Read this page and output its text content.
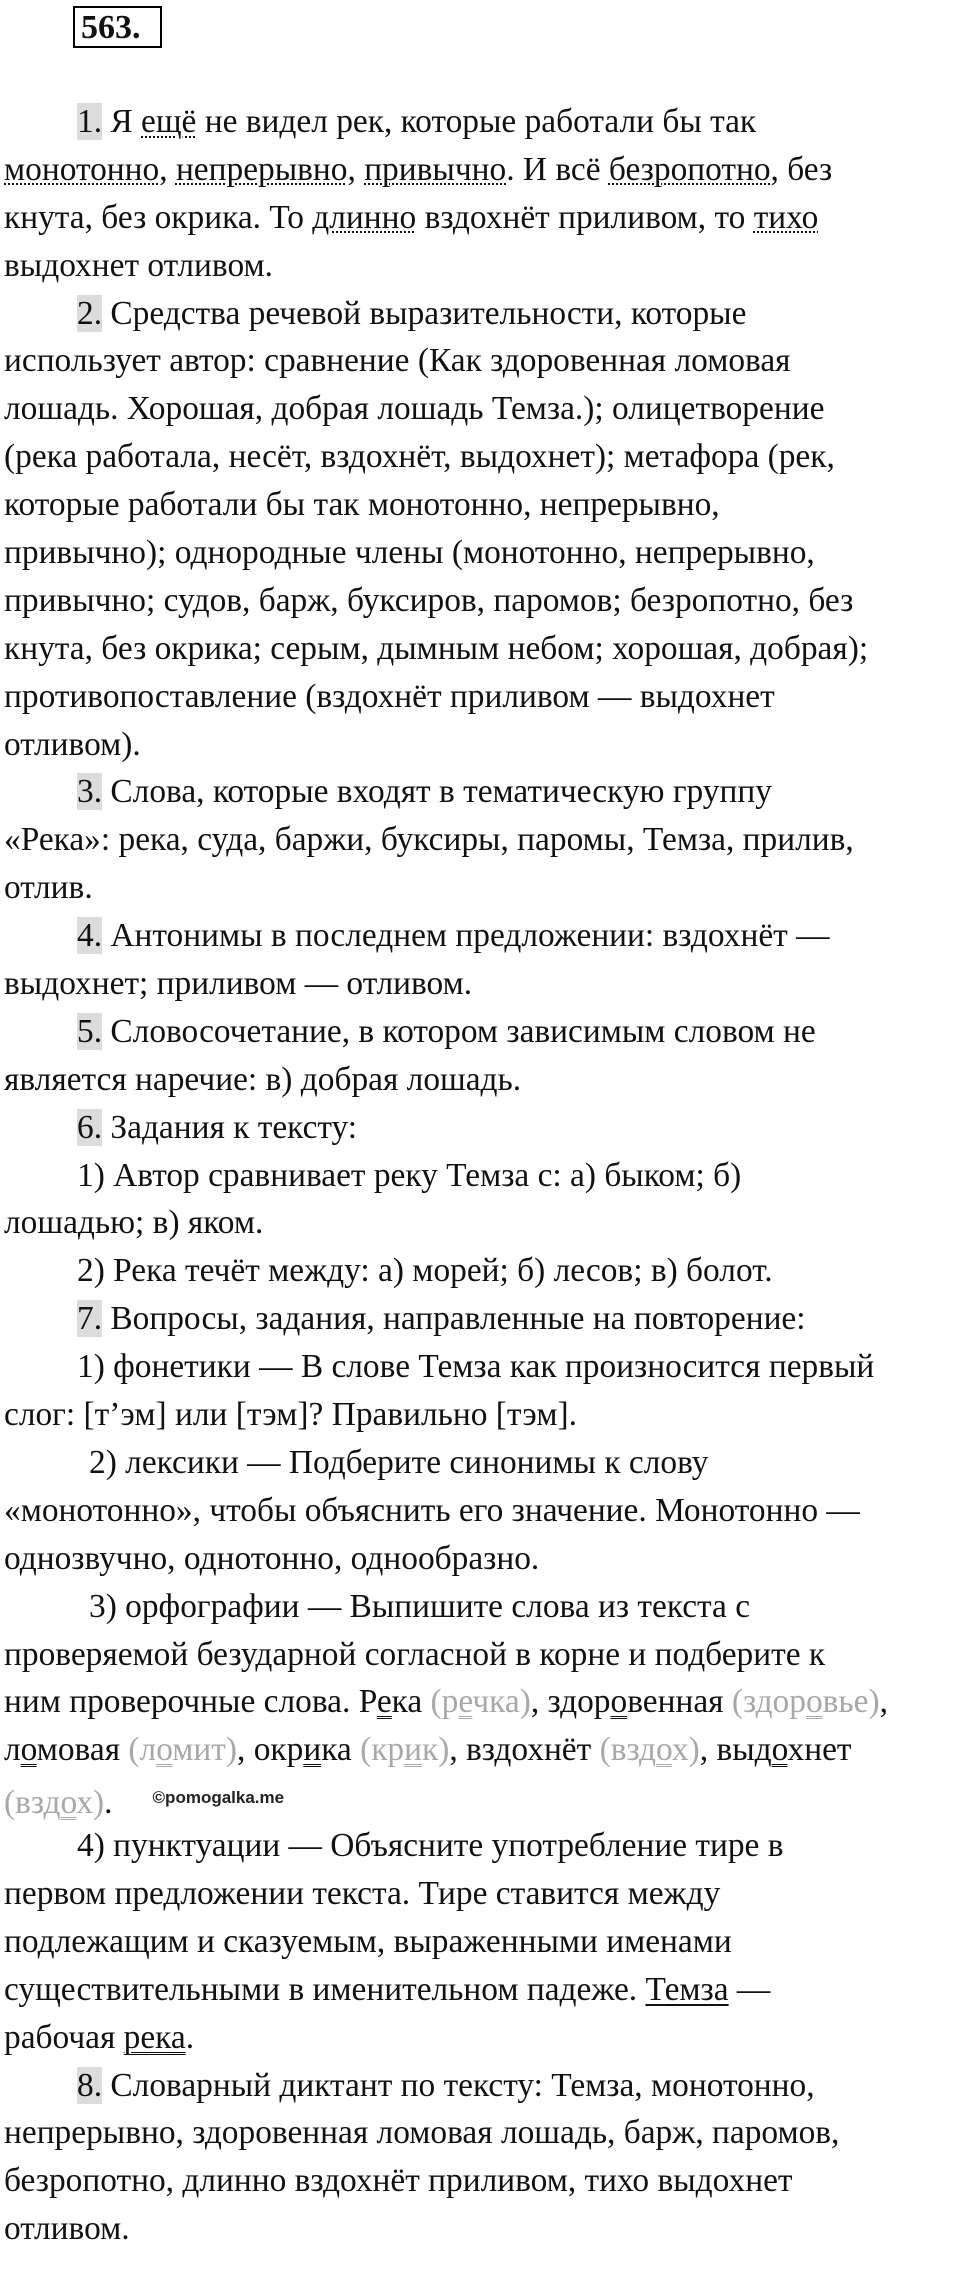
563.
1. Я ещё не видел рек, которые работали бы так
монотонно, непрерывно, привычно. И всё безропотно, без
кнута, без окрика. То длинно вздохнёт приливом, то тихо
выдохнет отливом.
2. Средства речевой выразительности, которые
использует автор: сравнение (Как здоровенная ломовая
лошадь. Хорошая, добрая лошадь Темза.); олицетворение
(река работала, несёт, вздохнёт, выдохнет); метафора (рек,
которые работали бы так монотонно, непрерывно,
привычно); однородные члены (монотонно, непрерывно,
привычно; судов, барж, буксиров, паромов; безропотно, без
кнута, без окрика; серым, дымным небом; хорошая, добрая);
противопоставление (вздохнёт приливом — выдохнет
отливом).
3. Слова, которые входят в тематическую группу
«Река»: река, суда, баржи, буксиры, паромы, Темза, прилив,
отлив.
4. Антонимы в последнем предложении: вздохнёт —
выдохнет; приливом — отливом.
5. Словосочетание, в котором зависимым словом не
является наречие: в) добрая лошадь.
6. Задания к тексту:
1) Автор сравнивает реку Темза с: а) быком; б)
лошадью; в) яком.
2) Река течёт между: а) морей; б) лесов; в) болот.
7. Вопросы, задания, направленные на повторение:
1) фонетики — В слове Темза как произносится первый
слог: [т’эм] или [тэм]? Правильно [тэм].
2) лексики — Подберите синонимы к слову
«монотонно», чтобы объяснить его значение. Монотонно —
однозвучно, однотонно, однообразно.
3) орфографии — Выпишите слова из текста с
проверяемой безударной согласной в корне и подберите к
ним проверочные слова. Река (речка), здоровенная (здоровье),
ломовая (ломит), окрика (крик), вздохнёт (вздох), выдохнет
(вздох). $^{©pomogalka.me}$
4) пунктуации — Объясните употребление тире в
первом предложении текста. Тире ставится между
подлежащим и сказуемым, выраженными именами
существительными в именительном падеже. Темза —
рабочая река.
8. Словарный диктант по тексту: Темза, монотонно,
непрерывно, здоровенная ломовая лошадь, барж, паромов,
безропотно, длинно вздохнёт приливом, тихо выдохнет
отливом.
